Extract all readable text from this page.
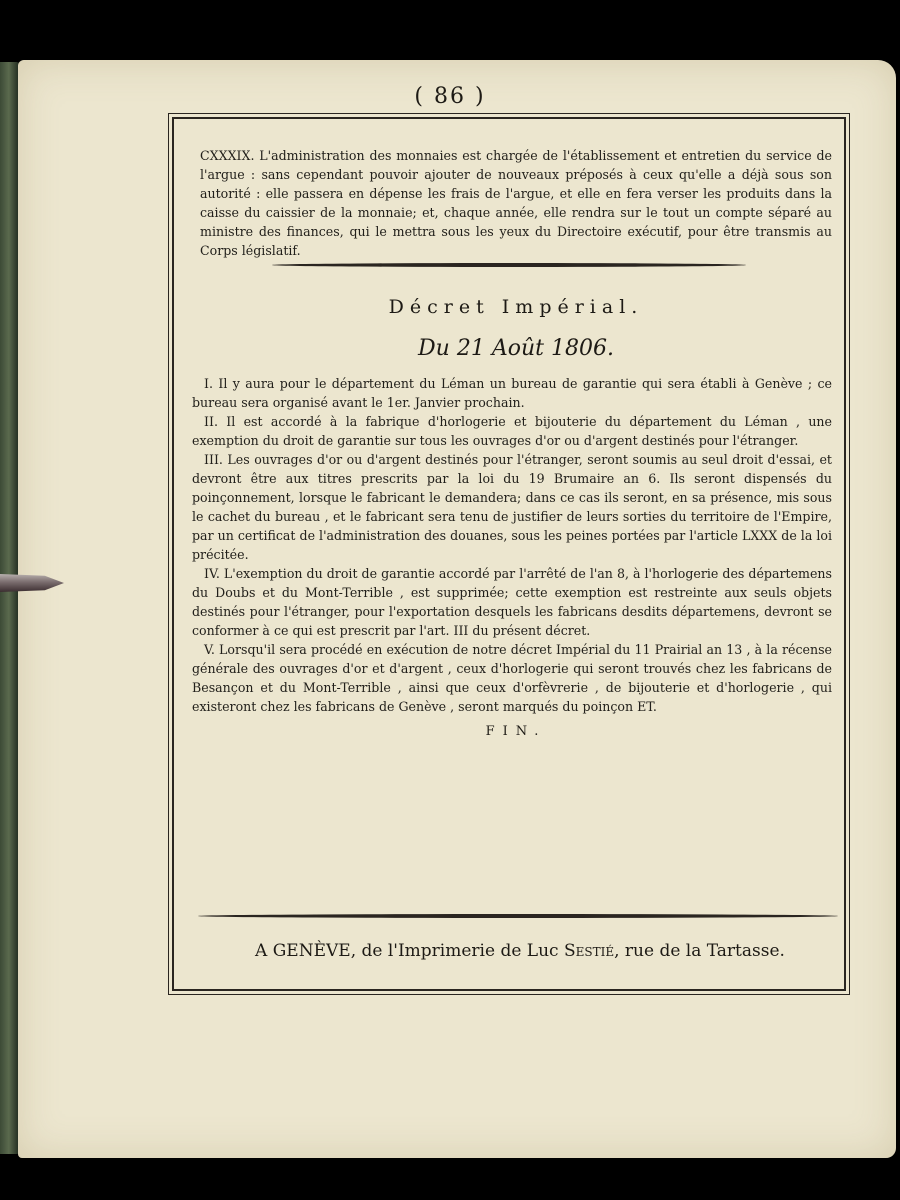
( 86 )

CXXXIX. L'administration des monnaies est chargée de l'établissement et entretien du service de l'argue : sans cependant pouvoir ajouter de nouveaux préposés à ceux qu'elle a déjà sous son autorité : elle passera en dépense les frais de l'argue, et elle en fera verser les produits dans la caisse du caissier de la monnaie; et, chaque année, elle rendra sur le tout un compte séparé au ministre des finances, qui le mettra sous les yeux du Directoire exécutif, pour être transmis au Corps législatif.

Décret Impérial.
Du 21 Août 1806.

I. Il y aura pour le département du Léman un bureau de garantie qui sera établi à Genève ; ce bureau sera organisé avant le 1er. Janvier prochain.

II. Il est accordé à la fabrique d'horlogerie et bijouterie du département du Léman , une exemption du droit de garantie sur tous les ouvrages d'or ou d'argent destinés pour l'étranger.

III. Les ouvrages d'or ou d'argent destinés pour l'étranger, seront soumis au seul droit d'essai, et devront être aux titres prescrits par la loi du 19 Brumaire an 6. Ils seront dispensés du poinçonnement, lorsque le fabricant le demandera; dans ce cas ils seront, en sa présence, mis sous le cachet du bureau , et le fabricant sera tenu de justifier de leurs sorties du territoire de l'Empire, par un certificat de l'administration des douanes, sous les peines portées par l'article LXXX de la loi précitée.

IV. L'exemption du droit de garantie accordé par l'arrêté de l'an 8, à l'horlogerie des départemens du Doubs et du Mont-Terrible , est supprimée; cette exemption est restreinte aux seuls objets destinés pour l'étranger, pour l'exportation desquels les fabricans desdits départemens, devront se conformer à ce qui est prescrit par l'art. III du présent décret.

V. Lorsqu'il sera procédé en exécution de notre décret Impérial du 11 Prairial an 13 , à la récense générale des ouvrages d'or et d'argent , ceux d'horlogerie qui seront trouvés chez les fabricans de Besançon et du Mont-Terrible , ainsi que ceux d'orfèvrerie , de bijouterie et d'horlogerie , qui existeront chez les fabricans de Genève , seront marqués du poinçon ET.

FIN.
A GENÈVE, de l'Imprimerie de Luc Sestié, rue de la Tartasse.
